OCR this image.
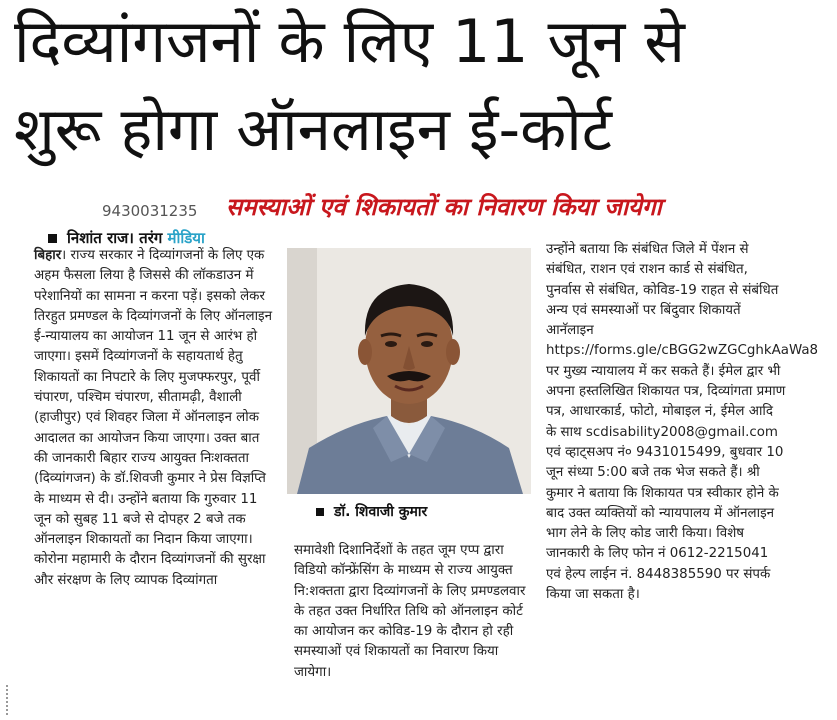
दिव्यांगजनों के लिए 11 जून से
शुरू होगा ऑनलाइन ई-कोर्ट
9430031235 समस्याओं एवं शिकायतों का निवारण किया जायेगा
निशांत राज। तरंग मीडिया

बिहार। राज्य सरकार ने दिव्यांगजनों के लिए एक अहम फैसला लिया है जिससे की लॉकडाउन में परेशानियों का सामना न करना पड़ें। इसको लेकर तिरहुत प्रमण्डल के दिव्यांगजनों के लिए ऑनलाइन ई-न्यायालय का आयोजन 11 जून से आरंभ हो जाएगा। इसमें दिव्यांगजनों के सहायतार्थ हेतु शिकायतों का निपटारे के लिए मुजफ्फरपुर, पूर्वी चंपारण, पश्चिम चंपारण, सीतामढ़ी, वैशाली (हाजीपुर) एवं शिवहर जिला में ऑनलाइन लोक आदालत का आयोजन किया जाएगा। उक्त बात की जानकारी बिहार राज्य आयुक्त निःशक्तता (दिव्यांगजन) के डॉ.शिवजी कुमार ने प्रेस विज्ञप्ति के माध्यम से दी। उन्होंने बताया कि गुरुवार 11 जून को सुबह 11 बजे से दोपहर 2 बजे तक ऑनलाइन शिकायतों का निदान किया जाएगा। कोरोना महामारी के दौरान दिव्यांगजनों की सुरक्षा और संरक्षण के लिए व्यापक दिव्यांगता

डॉ. शिवाजी कुमार

समावेशी दिशानिर्देशों के तहत जूम एप्प द्वारा विडियो कॉन्फ्रेंसिंग के माध्यम से राज्य आयुक्त नि:शक्तता द्वारा दिव्यांगजनों के लिए प्रमण्डलवार के तहत उक्त निर्धारित तिथि को ऑनलाइन कोर्ट का आयोजन कर कोविड-19 के दौरान हो रही समस्याओं एवं शिकायतों का निवारण किया जायेगा।

उन्होंने बताया कि संबंधित जिले में पेंशन से संबंधित, राशन एवं राशन कार्ड से संबंधित, पुनर्वास से संबंधित, कोविड-19 राहत से संबंधित अन्य एवं समस्याओं पर बिंदुवार शिकायतें आनॅलाइन https://forms.gle/cBGG2wZGCghkAaWa8 पर मुख्य न्यायालय में कर सकते हैं। ईमेल द्वार भी अपना हस्तलिखित शिकायत पत्र, दिव्यांगता प्रमाण पत्र, आधारकार्ड, फोटो, मोबाइल नं, ईमेल आदि के साथ scdisability2008@gmail.com एवं व्हाट्सअप नं० 9431015499, बुधवार 10 जून संध्या 5:00 बजे तक भेज सकते हैं। श्री कुमार ने बताया कि शिकायत पत्र स्वीकार होने के बाद उक्त व्यक्तियों को न्यायपालय में ऑनलाइन भाग लेने के लिए कोड जारी किया। विशेष जानकारी के लिए फोन नं 0612-2215041 एवं हेल्प लाईन नं. 8448385590 पर संपर्क किया जा सकता है।
